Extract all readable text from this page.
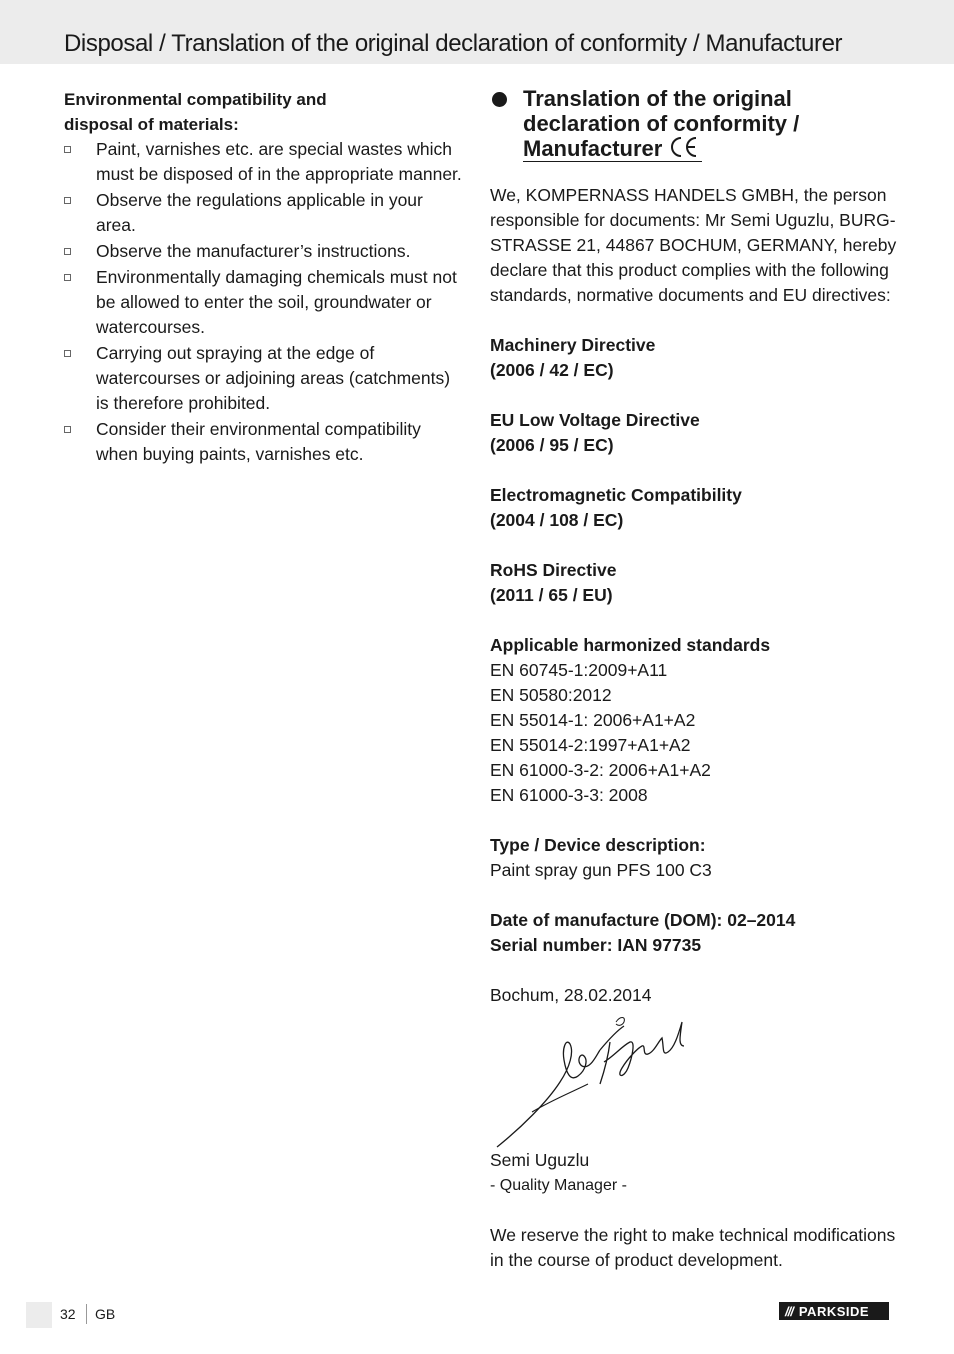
Disposal / Translation of the original declaration of conformity / Manufacturer

Environmental compatibility and
disposal of materials:

Paint, varnishes etc. are special wastes which must be disposed of in the appropriate manner.
Observe the regulations applicable in your area.
Observe the manufacturer’s instructions.
Environmentally damaging chemicals must not be allowed to enter the soil, groundwater or watercourses.
Carrying out spraying at the edge of watercourses or adjoining areas (catchments) is therefore prohibited.
Consider their environmental compatibility when buying paints, varnishes etc.
Translation of the original
declaration of conformity /
Manufacturer

We, KOMPERNASS HANDELS GMBH, the person responsible for documents: Mr Semi Uguzlu, BURG-STRASSE 21, 44867 BOCHUM, GERMANY, hereby declare that this product complies with the following standards, normative documents and EU directives:

Machinery Directive

(2006 / 42 / EC)

EU Low Voltage Directive

(2006 / 95 / EC)

Electromagnetic Compatibility

(2004 / 108 / EC)

RoHS Directive

(2011 / 65 / EU)

Applicable harmonized standards

EN 60745-1:2009+A11

EN 50580:2012

EN 55014-1: 2006+A1+A2

EN 55014-2:1997+A1+A2

EN 61000-3-2: 2006+A1+A2

EN 61000-3-3: 2008

Type / Device description:

Paint spray gun PFS 100 C3

Date of manufacture (DOM): 02–2014

Serial number: IAN 97735

Bochum, 28.02.2014

Semi Uguzlu

- Quality Manager -

We reserve the right to make technical modifications in the course of product development.

32 GB	/// PARKSIDE
